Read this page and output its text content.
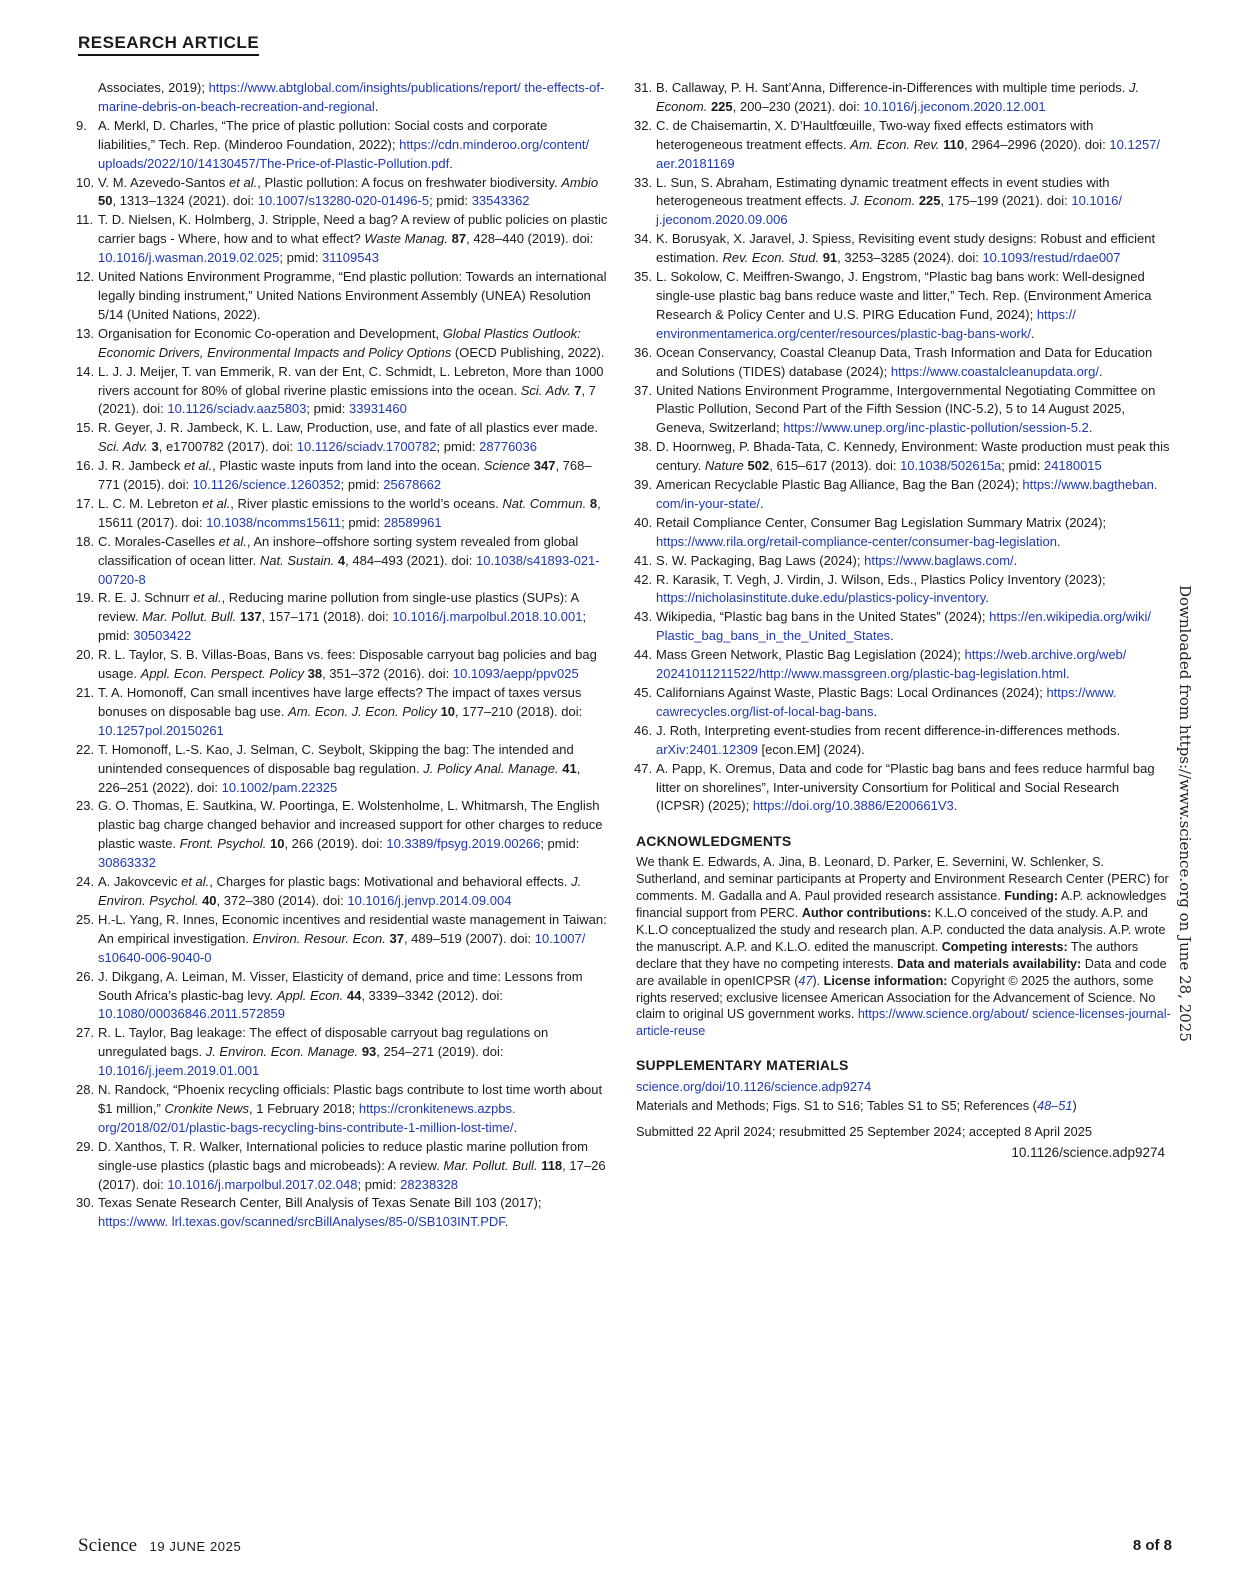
RESEARCH ARTICLE
Associates, 2019); https://www.abtglobal.com/insights/publications/report/ the-effects-of-marine-debris-on-beach-recreation-and-regional.
9. A. Merkl, D. Charles, “The price of plastic pollution: Social costs and corporate liabilities,” Tech. Rep. (Minderoo Foundation, 2022); https://cdn.minderoo.org/content/ uploads/2022/10/14130457/The-Price-of-Plastic-Pollution.pdf.
10. V. M. Azevedo-Santos et al., Plastic pollution: A focus on freshwater biodiversity. Ambio 50, 1313–1324 (2021). doi: 10.1007/s13280-020-01496-5; pmid: 33543362
11. T. D. Nielsen, K. Holmberg, J. Stripple, Need a bag? A review of public policies on plastic carrier bags - Where, how and to what effect? Waste Manag. 87, 428–440 (2019). doi: 10.1016/j.wasman.2019.02.025; pmid: 31109543
12. United Nations Environment Programme, “End plastic pollution: Towards an international legally binding instrument,” United Nations Environment Assembly (UNEA) Resolution 5/14 (United Nations, 2022).
13. Organisation for Economic Co-operation and Development, Global Plastics Outlook: Economic Drivers, Environmental Impacts and Policy Options (OECD Publishing, 2022).
14. L. J. J. Meijer, T. van Emmerik, R. van der Ent, C. Schmidt, L. Lebreton, More than 1000 rivers account for 80% of global riverine plastic emissions into the ocean. Sci. Adv. 7, 7 (2021). doi: 10.1126/sciadv.aaz5803; pmid: 33931460
15. R. Geyer, J. R. Jambeck, K. L. Law, Production, use, and fate of all plastics ever made. Sci. Adv. 3, e1700782 (2017). doi: 10.1126/sciadv.1700782; pmid: 28776036
16. J. R. Jambeck et al., Plastic waste inputs from land into the ocean. Science 347, 768–771 (2015). doi: 10.1126/science.1260352; pmid: 25678662
17. L. C. M. Lebreton et al., River plastic emissions to the world’s oceans. Nat. Commun. 8, 15611 (2017). doi: 10.1038/ncomms15611; pmid: 28589961
18. C. Morales-Caselles et al., An inshore–offshore sorting system revealed from global classification of ocean litter. Nat. Sustain. 4, 484–493 (2021). doi: 10.1038/s41893-021-00720-8
19. R. E. J. Schnurr et al., Reducing marine pollution from single-use plastics (SUPs): A review. Mar. Pollut. Bull. 137, 157–171 (2018). doi: 10.1016/j.marpolbul.2018.10.001; pmid: 30503422
20. R. L. Taylor, S. B. Villas-Boas, Bans vs. fees: Disposable carryout bag policies and bag usage. Appl. Econ. Perspect. Policy 38, 351–372 (2016). doi: 10.1093/aepp/ppv025
21. T. A. Homonoff, Can small incentives have large effects? The impact of taxes versus bonuses on disposable bag use. Am. Econ. J. Econ. Policy 10, 177–210 (2018). doi: 10.1257pol.20150261
22. T. Homonoff, L.-S. Kao, J. Selman, C. Seybolt, Skipping the bag: The intended and unintended consequences of disposable bag regulation. J. Policy Anal. Manage. 41, 226–251 (2022). doi: 10.1002/pam.22325
23. G. O. Thomas, E. Sautkina, W. Poortinga, E. Wolstenholme, L. Whitmarsh, The English plastic bag charge changed behavior and increased support for other charges to reduce plastic waste. Front. Psychol. 10, 266 (2019). doi: 10.3389/fpsyg.2019.00266; pmid: 30863332
24. A. Jakovcevic et al., Charges for plastic bags: Motivational and behavioral effects. J. Environ. Psychol. 40, 372–380 (2014). doi: 10.1016/j.jenvp.2014.09.004
25. H.-L. Yang, R. Innes, Economic incentives and residential waste management in Taiwan: An empirical investigation. Environ. Resour. Econ. 37, 489–519 (2007). doi: 10.1007/ s10640-006-9040-0
26. J. Dikgang, A. Leiman, M. Visser, Elasticity of demand, price and time: Lessons from South Africa’s plastic-bag levy. Appl. Econ. 44, 3339–3342 (2012). doi: 10.1080/00036846.2011.572859
27. R. L. Taylor, Bag leakage: The effect of disposable carryout bag regulations on unregulated bags. J. Environ. Econ. Manage. 93, 254–271 (2019). doi: 10.1016/j.jeem.2019.01.001
28. N. Randock, “Phoenix recycling officials: Plastic bags contribute to lost time worth about $1 million,” Cronkite News, 1 February 2018; https://cronkitenews.azpbs. org/2018/02/01/plastic-bags-recycling-bins-contribute-1-million-lost-time/.
29. D. Xanthos, T. R. Walker, International policies to reduce plastic marine pollution from single-use plastics (plastic bags and microbeads): A review. Mar. Pollut. Bull. 118, 17–26 (2017). doi: 10.1016/j.marpolbul.2017.02.048; pmid: 28238328
30. Texas Senate Research Center, Bill Analysis of Texas Senate Bill 103 (2017); https://www. lrl.texas.gov/scanned/srcBillAnalyses/85-0/SB103INT.PDF.
31. B. Callaway, P. H. Sant’Anna, Difference-in-Differences with multiple time periods. J. Econom. 225, 200–230 (2021). doi: 10.1016/j.jeconom.2020.12.001
32. C. de Chaisemartin, X. D’Haultfœuille, Two-way fixed effects estimators with heterogeneous treatment effects. Am. Econ. Rev. 110, 2964–2996 (2020). doi: 10.1257/ aer.20181169
33. L. Sun, S. Abraham, Estimating dynamic treatment effects in event studies with heterogeneous treatment effects. J. Econom. 225, 175–199 (2021). doi: 10.1016/ j.jeconom.2020.09.006
34. K. Borusyak, X. Jaravel, J. Spiess, Revisiting event study designs: Robust and efficient estimation. Rev. Econ. Stud. 91, 3253–3285 (2024). doi: 10.1093/restud/rdae007
35. L. Sokolow, C. Meiffren-Swango, J. Engstrom, “Plastic bag bans work: Well-designed single-use plastic bag bans reduce waste and litter,” Tech. Rep. (Environment America Research & Policy Center and U.S. PIRG Education Fund, 2024); https:// environmentamerica.org/center/resources/plastic-bag-bans-work/.
36. Ocean Conservancy, Coastal Cleanup Data, Trash Information and Data for Education and Solutions (TIDES) database (2024); https://www.coastalcleanupdata.org/.
37. United Nations Environment Programme, Intergovernmental Negotiating Committee on Plastic Pollution, Second Part of the Fifth Session (INC-5.2), 5 to 14 August 2025, Geneva, Switzerland; https://www.unep.org/inc-plastic-pollution/session-5.2.
38. D. Hoornweg, P. Bhada-Tata, C. Kennedy, Environment: Waste production must peak this century. Nature 502, 615–617 (2013). doi: 10.1038/502615a; pmid: 24180015
39. American Recyclable Plastic Bag Alliance, Bag the Ban (2024); https://www.bagtheban. com/in-your-state/.
40. Retail Compliance Center, Consumer Bag Legislation Summary Matrix (2024); https://www.rila.org/retail-compliance-center/consumer-bag-legislation.
41. S. W. Packaging, Bag Laws (2024); https://www.baglaws.com/.
42. R. Karasik, T. Vegh, J. Virdin, J. Wilson, Eds., Plastics Policy Inventory (2023); https://nicholasinstitute.duke.edu/plastics-policy-inventory.
43. Wikipedia, “Plastic bag bans in the United States” (2024); https://en.wikipedia.org/wiki/ Plastic_bag_bans_in_the_United_States.
44. Mass Green Network, Plastic Bag Legislation (2024); https://web.archive.org/web/ 20241011211522/http://www.massgreen.org/plastic-bag-legislation.html.
45. Californians Against Waste, Plastic Bags: Local Ordinances (2024); https://www. cawrecycles.org/list-of-local-bag-bans.
46. J. Roth, Interpreting event-studies from recent difference-in-differences methods. arXiv:2401.12309 [econ.EM] (2024).
47. A. Papp, K. Oremus, Data and code for “Plastic bag bans and fees reduce harmful bag litter on shorelines”, Inter-university Consortium for Political and Social Research (ICPSR) (2025); https://doi.org/10.3886/E200661V3.
ACKNOWLEDGMENTS
We thank E. Edwards, A. Jina, B. Leonard, D. Parker, E. Severnini, W. Schlenker, S. Sutherland, and seminar participants at Property and Environment Research Center (PERC) for comments. M. Gadalla and A. Paul provided research assistance. Funding: A.P. acknowledges financial support from PERC. Author contributions: K.L.O conceived of the study. A.P. and K.L.O conceptualized the study and research plan. A.P. conducted the data analysis. A.P. wrote the manuscript. A.P. and K.L.O. edited the manuscript. Competing interests: The authors declare that they have no competing interests. Data and materials availability: Data and code are available in openICPSR (47). License information: Copyright © 2025 the authors, some rights reserved; exclusive licensee American Association for the Advancement of Science. No claim to original US government works. https://www.science.org/about/ science-licenses-journal-article-reuse
SUPPLEMENTARY MATERIALS
science.org/doi/10.1126/science.adp9274
Materials and Methods; Figs. S1 to S16; Tables S1 to S5; References (48–51)
Submitted 22 April 2024; resubmitted 25 September 2024; accepted 8 April 2025
10.1126/science.adp9274
Downloaded from https://www.science.org on June 28, 2025
Science 19 JUNE 2025	8 of 8
